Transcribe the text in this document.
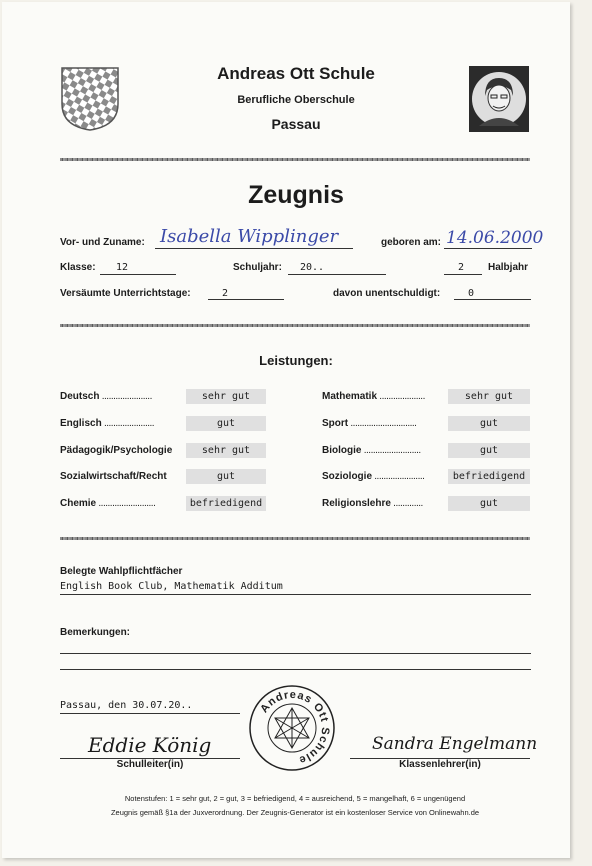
Andreas Ott Schule
Berufliche Oberschule
Passau
Zeugnis
Vor- und Zuname: Isabella Wipplinger	geboren am: 14.06.2000
Klasse: 12	Schuljahr: 20..	2 Halbjahr
Versäumte Unterrichtstage:	2	davon unentschuldigt:	0
Leistungen:
Deutsch ......................	sehr gut
Englisch ......................	gut
Pädagogik/Psychologie	sehr gut
Sozialwirtschaft/Recht	gut
Chemie .........................	befriedigend
Mathematik ....................	sehr gut
Sport .............................	gut
Biologie .........................	gut
Soziologie ......................	befriedigend
Religionslehre .............	gut
Belegte Wahlpflichtfächer
English Book Club, Mathematik Additum
Bemerkungen:
Passau, den 30.07.20..	Andreas Ott Schule
Eddie König
Schulleiter(in)
Sandra Engelmann
Klassenlehrer(in)
Notenstufen: 1 = sehr gut, 2 = gut, 3 = befriedigend, 4 = ausreichend, 5 = mangelhaft, 6 = ungenügend
Zeugnis gemäß §1a der Juxverordnung. Der Zeugnis-Generator ist ein kostenloser Service von Onlinewahn.de
